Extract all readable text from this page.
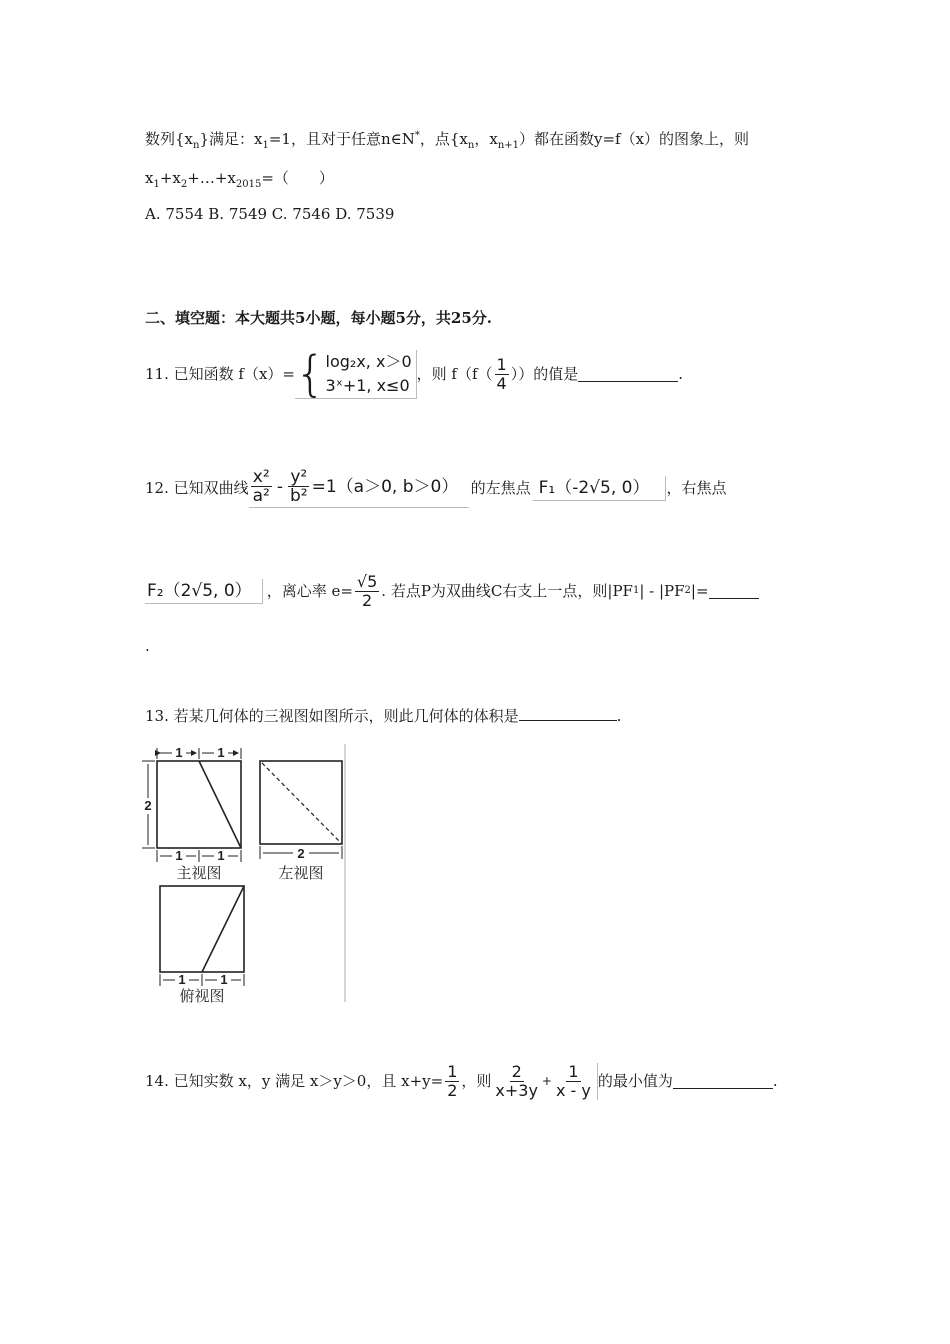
数列$\{x_n\}$满足：$x_1=1$，且对于任意n∈N*，点{$x_n$，$x_{n+1}$）都在函数y=f（x）的图象上，则
$x_1+x_2+\dots+x_{2015}=$（　　）
A. 7554 B. 7549 C. 7546 D. 7539
二、填空题：本大题共5小题，每小题5分，共25分.
11. 已知函数 f（x）= { log₂x, x＞0
3ˣ+1, x≤0
，则 $f(f( \frac{1}{4}$ ））的值是	.
12. 已知双曲线 $\frac{\text{x²}}{\text{a²}} - \frac{\text{y²}}{\text{b²}} =1(a>0$, b＞0） 的左焦点 F₁（-2√5, 0）	，右焦点
F₂（2√5, 0）	，离心率 $e= \frac{√5}{2}$ . 若点P为双曲线C右支上一点，则|PF 1 | - |PF 2 |=
.
13. 若某几何体的三视图如图所示，则此几何体的体积是	.
1	1
2
1	1	2
1	1
主视图	左视图
俯视图
14. 已知实数 x，y 满足 x＞y＞0，且 $x+y= \frac{1}{2}$ ，则 $\frac{2}{x+3y} + \frac{1}{x - y}$ 的最小值为	.
